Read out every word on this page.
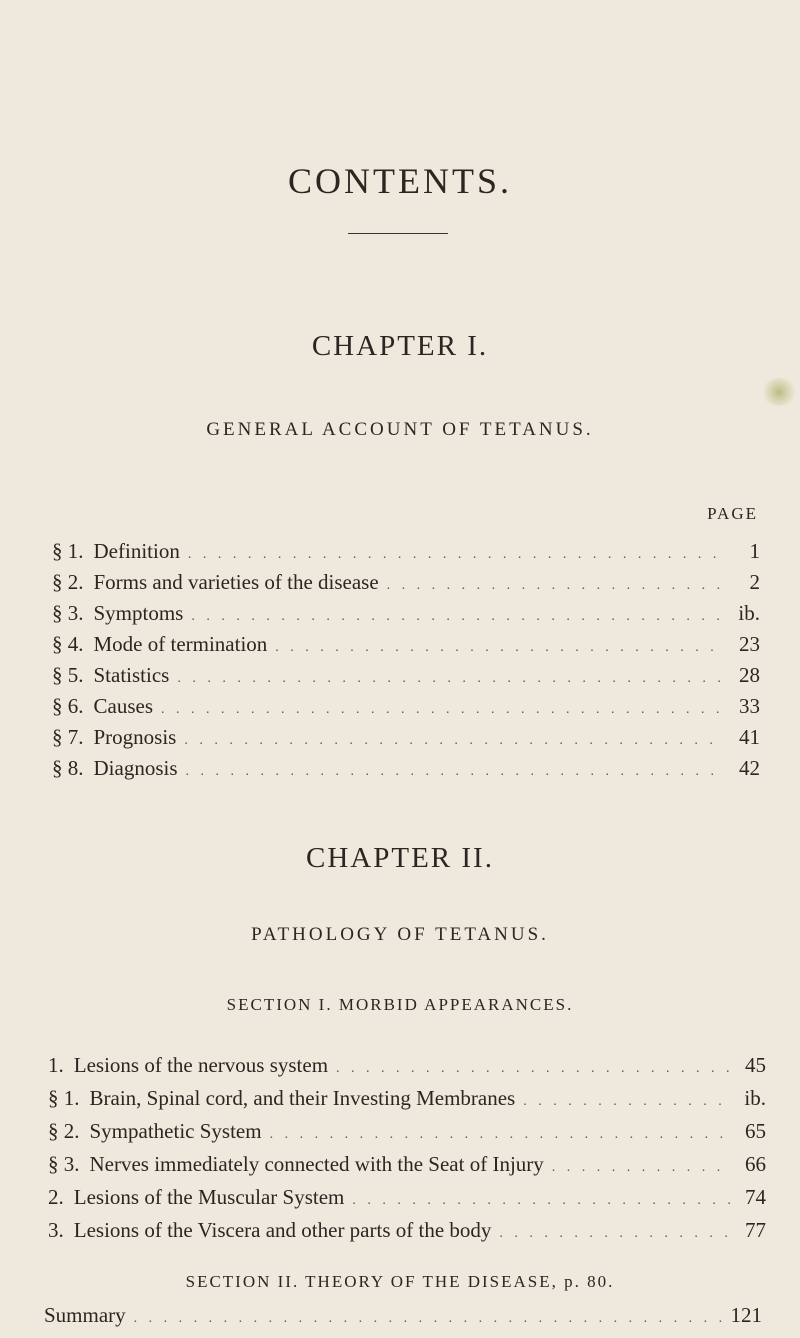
CONTENTS.
CHAPTER I.
GENERAL ACCOUNT OF TETANUS.
PAGE
§ 1. Definition . . .	1
§ 2. Forms and varieties of the disease . . .	2
§ 3. Symptoms . . .	ib.
§ 4. Mode of termination . . .	23
§ 5. Statistics . . .	28
§ 6. Causes . . .	33
§ 7. Prognosis . . .	41
§ 8. Diagnosis . . .	42
CHAPTER II.
PATHOLOGY OF TETANUS.
SECTION I. MORBID APPEARANCES.
1. Lesions of the nervous system . . .	45
§ 1. Brain, Spinal cord, and their Investing Membranes . . .	ib.
§ 2. Sympathetic System . . .	65
§ 3. Nerves immediately connected with the Seat of Injury . . .	66
2. Lesions of the Muscular System . . .	74
3. Lesions of the Viscera and other parts of the body . . .	77
SECTION II. THEORY OF THE DISEASE, p. 80.
Summary . . .	121
